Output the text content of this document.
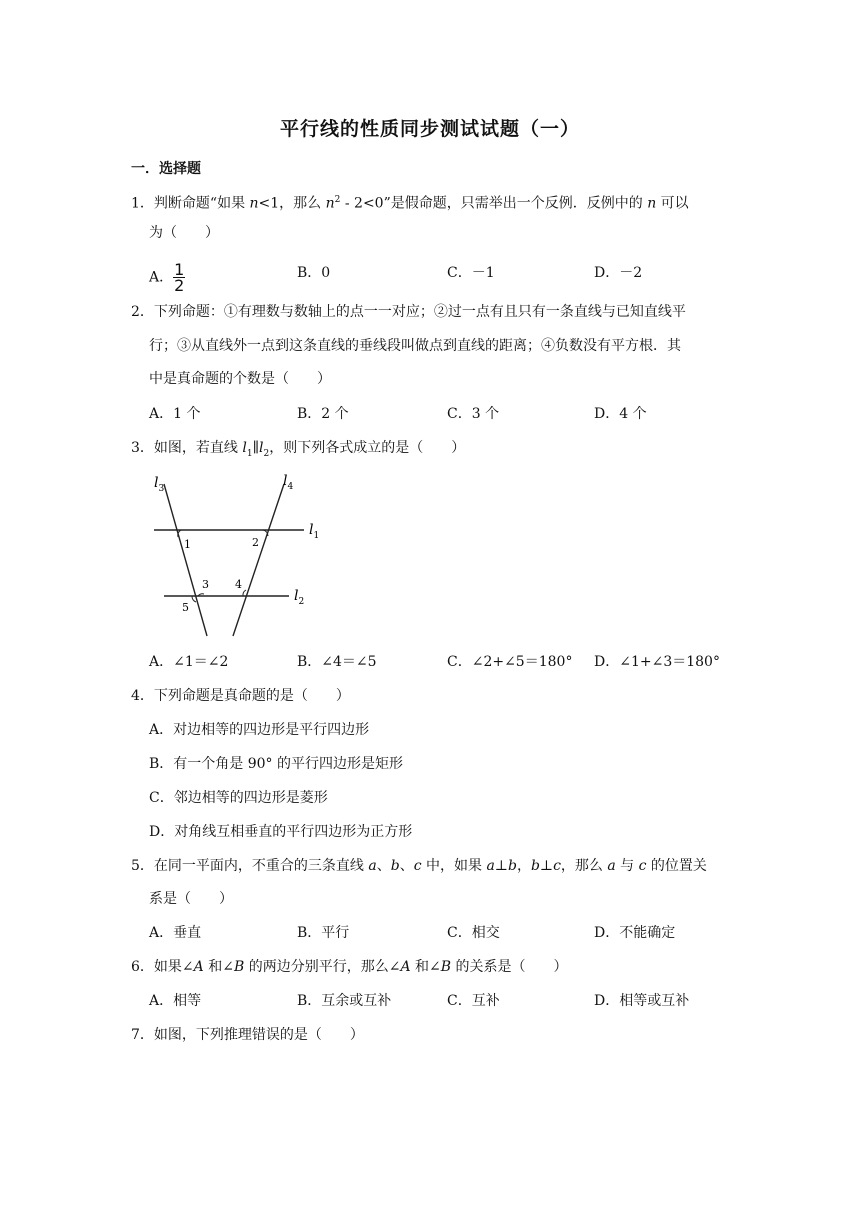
平行线的性质同步测试试题（一）
一．选择题
1．判断命题“如果 n<1，那么 $n^2 - 2<0$”是假命题，只需举出一个反例．反例中的 n 可以
为（　　）
A． $\frac{1}{2}$	B．0	C．－1	D．－2
2．下列命题：①有理数与数轴上的点一一对应；②过一点有且只有一条直线与已知直线平
行；③从直线外一点到这条直线的垂线段叫做点到直线的距离；④负数没有平方根．其
中是真命题的个数是（　　）
A．1 个	B．2 个	C．3 个	D．4 个
3．如图，若直线 $l_1\parallel l_2$，则下列各式成立的是（　　）
$l_3$	$l_4$
$l_1$
$l_2$
1	2
3 4
5
A．∠1＝∠2	B．∠4＝∠5	C．∠2+∠5＝180° D．∠1+∠3＝180°
4．下列命题是真命题的是（　　）
A．对边相等的四边形是平行四边形
B．有一个角是 90° 的平行四边形是矩形
C．邻边相等的四边形是菱形
D．对角线互相垂直的平行四边形为正方形
5．在同一平面内，不重合的三条直线 a、b、c 中，如果 a⊥b，b⊥c，那么 a 与 c 的位置关
系是（　　）
A．垂直	B．平行	C．相交	D．不能确定
6．如果∠A 和∠B 的两边分别平行，那么∠A 和∠B 的关系是（　　）
A．相等	B．互余或互补	C．互补	D．相等或互补
7．如图，下列推理错误的是（　　）
